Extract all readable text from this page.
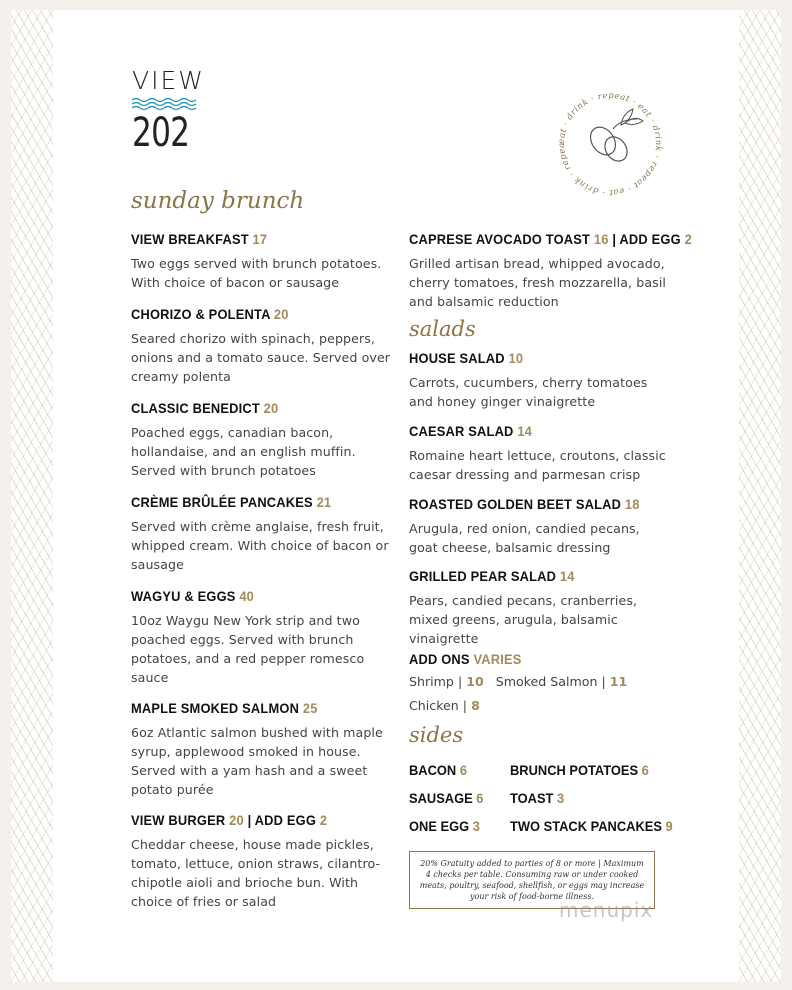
VIEW
202	eat · drink · repeat · eat · drink · repeat · eat · drink · repea
sunday brunch
VIEW BREAKFAST 17
Two eggs served with brunch potatoes. With choice of bacon or sausage
CHORIZO & POLENTA 20
Seared chorizo with spinach, peppers, onions and a tomato sauce. Served over creamy polenta
CLASSIC BENEDICT 20
Poached eggs, canadian bacon, hollandaise, and an english muffin. Served with brunch potatoes
CRÈME BRÛLÉE PANCAKES 21
Served with crème anglaise, fresh fruit, whipped cream. With choice of bacon or sausage
WAGYU & EGGS 40
10oz Waygu New York strip and two poached eggs. Served with brunch potatoes, and a red pepper romesco sauce
MAPLE SMOKED SALMON 25
6oz Atlantic salmon bushed with maple syrup, applewood smoked in house. Served with a yam hash and a sweet potato purée
VIEW BURGER 20 | ADD EGG 2
Cheddar cheese, house made pickles, tomato, lettuce, onion straws, cilantro-chipotle aioli and brioche bun. With choice of fries or salad
CAPRESE AVOCADO TOAST 16 | ADD EGG 2
Grilled artisan bread, whipped avocado, cherry tomatoes, fresh mozzarella, basil and balsamic reduction
salads
HOUSE SALAD 10
Carrots, cucumbers, cherry tomatoes and honey ginger vinaigrette
CAESAR SALAD 14
Romaine heart lettuce, croutons, classic caesar dressing and parmesan crisp
ROASTED GOLDEN BEET SALAD 18
Arugula, red onion, candied pecans, goat cheese, balsamic dressing
GRILLED PEAR SALAD 14
Pears, candied pecans, cranberries, mixed greens, arugula, balsamic vinaigrette
ADD ONS VARIES
Shrimp | 10 Smoked Salmon | 11
Chicken | 8
sides
BACON 6	BRUNCH POTATOES 6
SAUSAGE 6 TOAST 3
ONE EGG 3 TWO STACK PANCAKES 9
20% Gratuity added to parties of 8 or more | Maximum 4 checks per table. Consuming raw or under cooked meats, poultry, seafood, shellfish, or eggs may increase your risk of food-borne illness.
menupix
